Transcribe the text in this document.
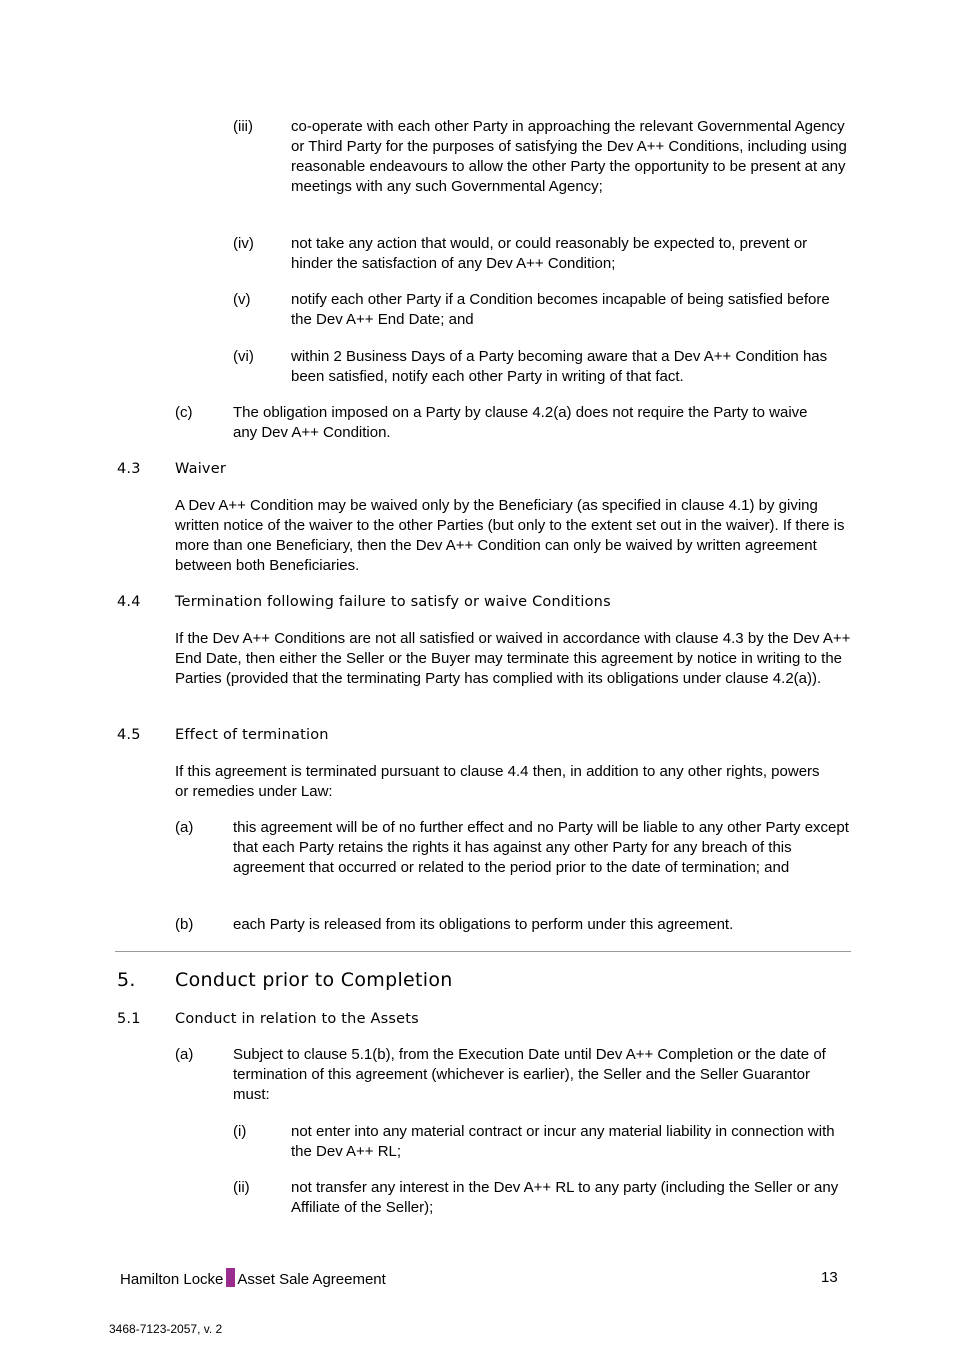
(iii)	co-operate with each other Party in approaching the relevant Governmental Agency or Third Party for the purposes of satisfying the Dev A++ Conditions, including using reasonable endeavours to allow the other Party the opportunity to be present at any meetings with any such Governmental Agency;
(iv) not take any action that would, or could reasonably be expected to, prevent or hinder the satisfaction of any Dev A++ Condition;
(v)	notify each other Party if a Condition becomes incapable of being satisfied before the Dev A++ End Date; and
(vi) within 2 Business Days of a Party becoming aware that a Dev A++ Condition has been satisfied, notify each other Party in writing of that fact.
(c)	The obligation imposed on a Party by clause 4.2(a) does not require the Party to waive any Dev A++ Condition.
4.3 Waiver
A Dev A++ Condition may be waived only by the Beneficiary (as specified in clause 4.1) by giving written notice of the waiver to the other Parties (but only to the extent set out in the waiver). If there is more than one Beneficiary, then the Dev A++ Condition can only be waived by written agreement between both Beneficiaries.
4.4 Termination following failure to satisfy or waive Conditions
If the Dev A++ Conditions are not all satisfied or waived in accordance with clause 4.3 by the Dev A++ End Date, then either the Seller or the Buyer may terminate this agreement by notice in writing to the Parties (provided that the terminating Party has complied with its obligations under clause 4.2(a)).
4.5 Effect of termination
If this agreement is terminated pursuant to clause 4.4 then, in addition to any other rights, powers or remedies under Law:
(a)	this agreement will be of no further effect and no Party will be liable to any other Party except that each Party retains the rights it has against any other Party for any breach of this agreement that occurred or related to the period prior to the date of termination; and
(b)	each Party is released from its obligations to perform under this agreement.
5. Conduct prior to Completion
5.1 Conduct in relation to the Assets
(a)	Subject to clause 5.1(b), from the Execution Date until Dev A++ Completion or the date of termination of this agreement (whichever is earlier), the Seller and the Seller Guarantor must:
(i)	not enter into any material contract or incur any material liability in connection with the Dev A++ RL;
(ii)	not transfer any interest in the Dev A++ RL to any party (including the Seller or any Affiliate of the Seller);
Hamilton Locke Asset Sale Agreement	13
3468-7123-2057, v. 2
